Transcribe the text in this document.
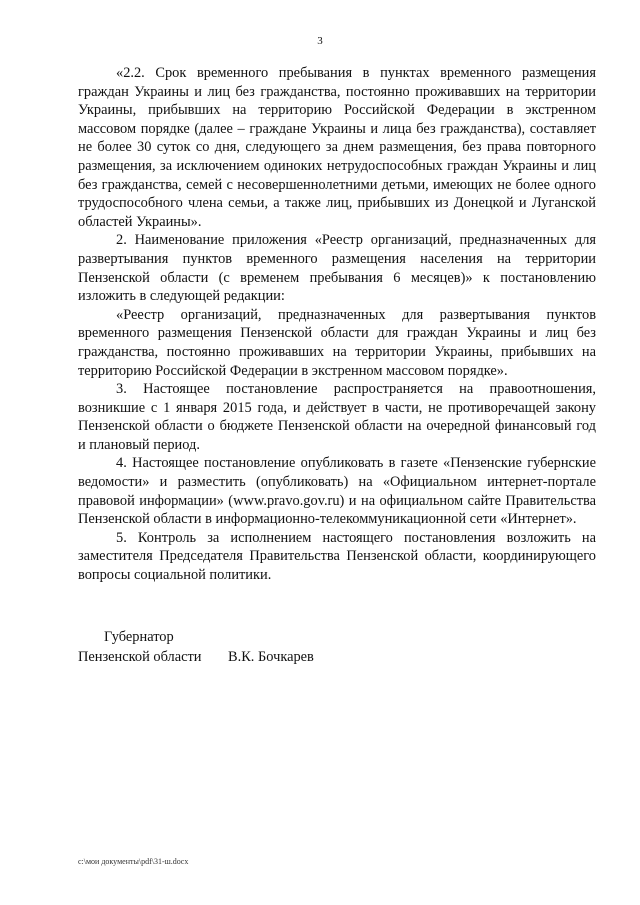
3

«2.2. Срок временного пребывания в пунктах временного размещения граждан Украины и лиц без гражданства, постоянно проживавших на территории Украины, прибывших на территорию Российской Федерации в экстренном массовом порядке (далее – граждане Украины и лица без гражданства), составляет не более 30 суток со дня, следующего за днем размещения, без права повторного размещения, за исключением одиноких нетрудоспособных граждан Украины и лиц без гражданства, семей с несовершеннолетними детьми, имеющих не более одного трудоспособного члена семьи, а также лиц, прибывших из Донецкой и Луганской областей Украины».

2. Наименование приложения «Реестр организаций, предназначенных для развертывания пунктов временного размещения населения на территории Пензенской области (с временем пребывания 6 месяцев)» к постановлению изложить в следующей редакции:

«Реестр организаций, предназначенных для развертывания пунктов временного размещения Пензенской области для граждан Украины и лиц без гражданства, постоянно проживавших на территории Украины, прибывших на территорию Российской Федерации в экстренном массовом порядке».

3. Настоящее постановление распространяется на правоотношения, возникшие с 1 января 2015 года, и действует в части, не противоречащей закону Пензенской области о бюджете Пензенской области на очередной финансовый год и плановый период.

4. Настоящее постановление опубликовать в газете «Пензенские губернские ведомости» и разместить (опубликовать) на «Официальном интернет-портале правовой информации» (www.pravo.gov.ru) и на официальном сайте Правительства Пензенской области в информационно-телекоммуникационной сети «Интернет».

5. Контроль за исполнением настоящего постановления возложить на заместителя Председателя Правительства Пензенской области, координирующего вопросы социальной политики.

Губернатор

Пензенской области	В.К. Бочкарев

c:\мои документы\pdf\31-ш.docx
